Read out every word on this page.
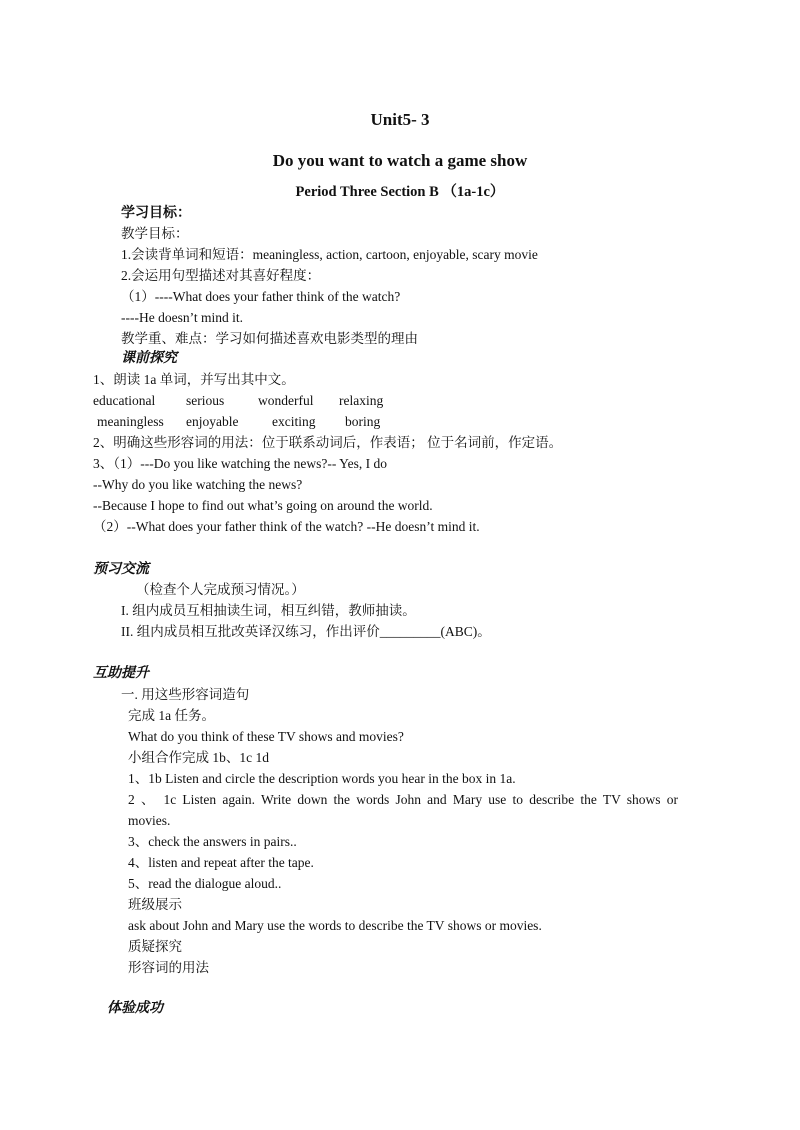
Unit5- 3
Do you want to watch a game show
Period Three Section B （1a-1c）
学习目标：
教学目标：
1.会读背单词和短语：meaningless, action, cartoon, enjoyable, scary movie
2.会运用句型描述对其喜好程度：
（1）----What does your father think of the watch?
----He doesn’t mind it.
教学重、难点：学习如何描述喜欢电影类型的理由
课前探究
1、朗读 1a 单词，并写出其中文。
educational serious	wonderful relaxing
meaningless enjoyable exciting boring
2、明确这些形容词的用法：位于联系动词后，作表语； 位于名词前，作定语。
3、（1）---Do you like watching the news?-- Yes, I do
--Why do you like watching the news?
--Because I hope to find out what’s going on around the world.
（2）--What does your father think of the watch? --He doesn’t mind it.
预习交流
（检查个人完成预习情况。）
I. 组内成员互相抽读生词，相互纠错，教师抽读。
II. 组内成员相互批改英译汉练习，作出评价_________(ABC)。
互助提升
一. 用这些形容词造句
完成 1a 任务。
What do you think of these TV shows and movies?
小组合作完成 1b、1c 1d
1、1b Listen and circle the description words you hear in the box in 1a.
2 、 1c Listen again. Write down the words John and Mary use to describe the TV shows or
movies.
3、check the answers in pairs..
4、listen and repeat after the tape.
5、read the dialogue aloud..
班级展示
ask about John and Mary use the words to describe the TV shows or movies.
质疑探究
形容词的用法
体验成功
